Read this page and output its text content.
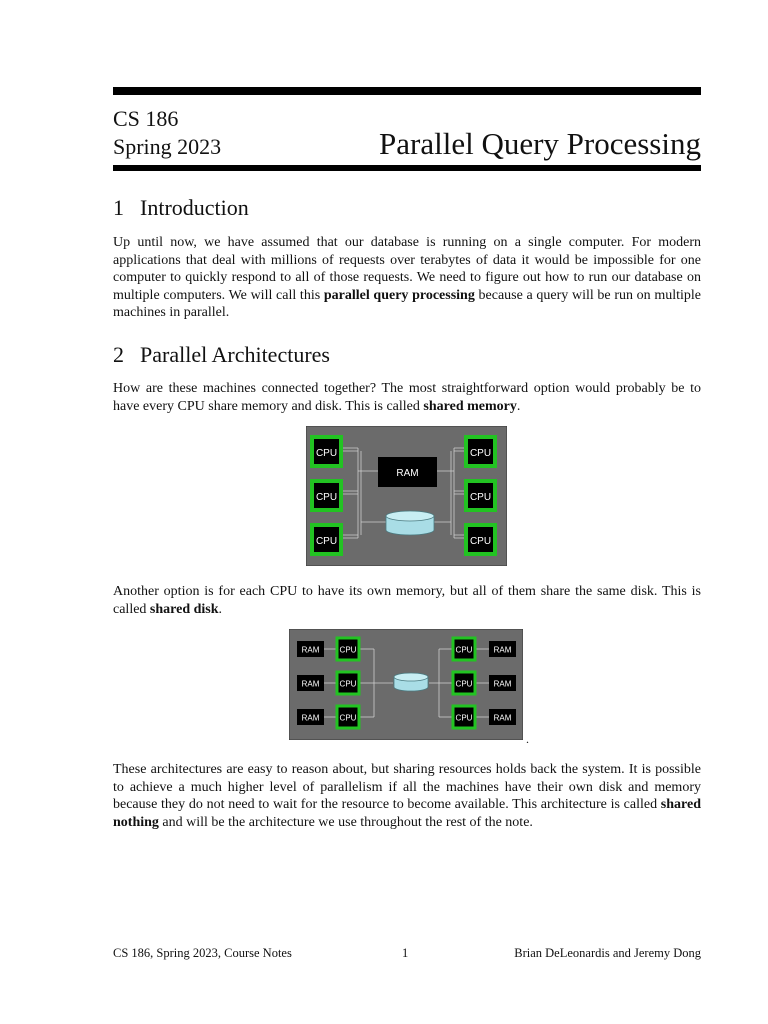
CS 186
Spring 2023	Parallel Query Processing
1 Introduction

Up until now, we have assumed that our database is running on a single computer. For modern applications that deal with millions of requests over terabytes of data it would be impossible for one computer to quickly respond to all of those requests. We need to figure out how to run our database on multiple computers. We will call this parallel query processing because a query will be run on multiple machines in parallel.

2 Parallel Architectures

How are these machines connected together? The most straightforward option would probably be to have every CPU share memory and disk. This is called shared memory.

CPU
CPU
CPU
CPU
CPU
CPU
RAM

Another option is for each CPU to have its own memory, but all of them share the same disk. This is called shared disk.

RAM
RAM
RAM
CPU
CPU
CPU
CPU
CPU
CPU
RAM
RAM
RAM
.

These architectures are easy to reason about, but sharing resources holds back the system. It is possible to achieve a much higher level of parallelism if all the machines have their own disk and memory because they do not need to wait for the resource to become available. This architecture is called shared nothing and will be the architecture we use throughout the rest of the note.

CS 186, Spring 2023, Course Notes	1	Brian DeLeonardis and Jeremy Dong
